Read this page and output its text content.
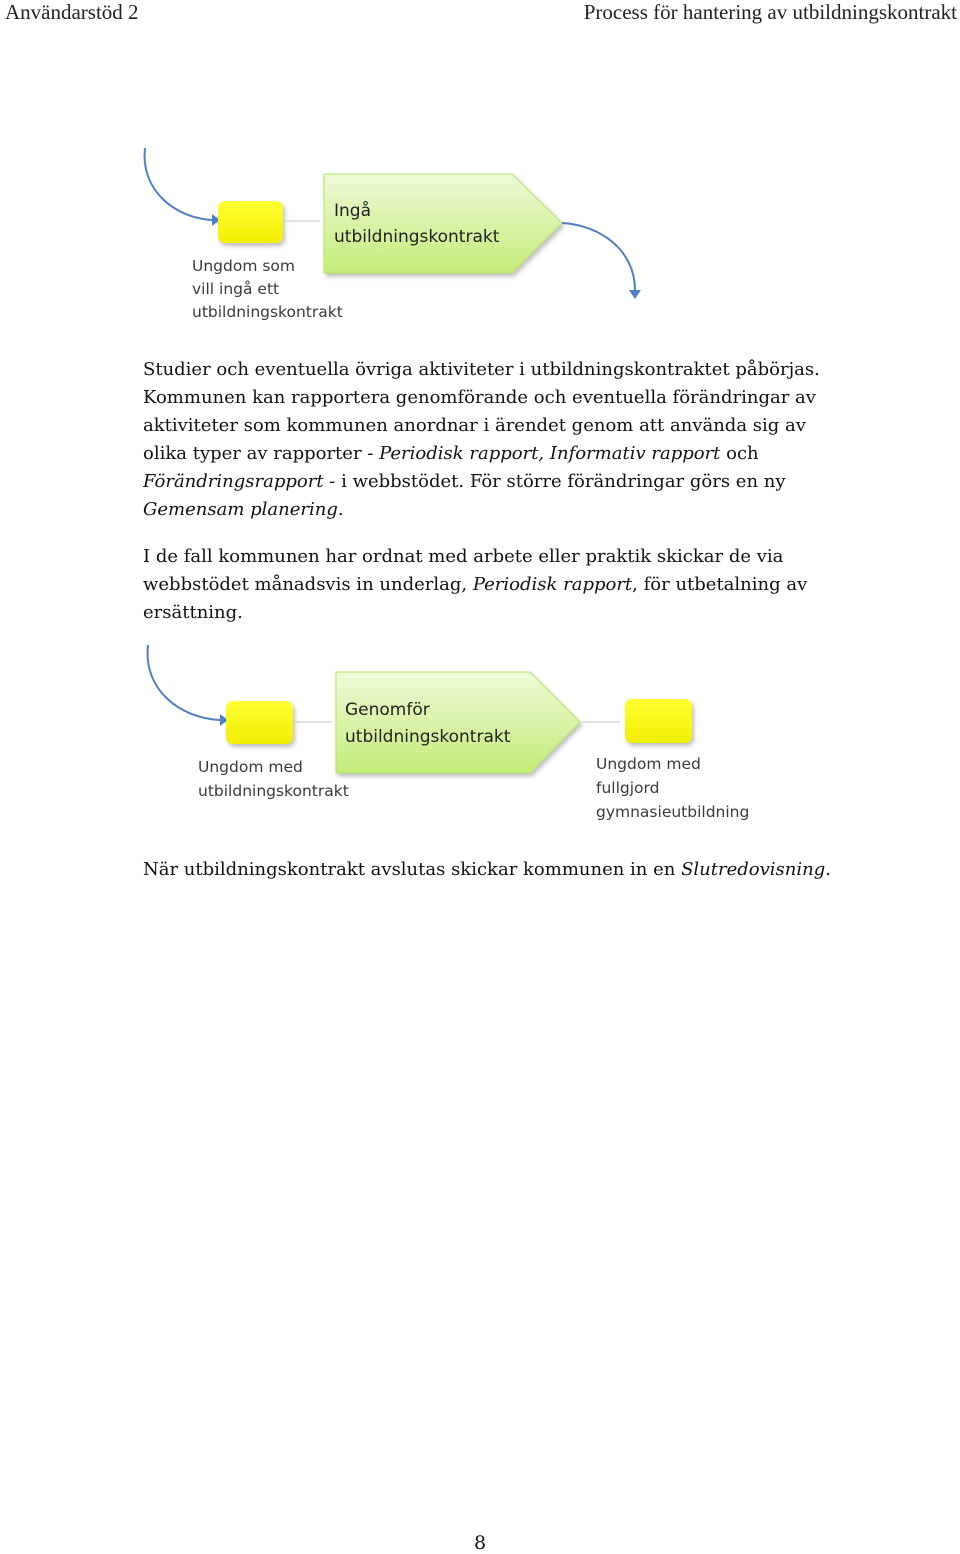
Användarstöd 2	Process för hantering av utbildningskontrakt
Ingå
utbildningskontrakt
Ungdom som
vill ingå ett
utbildningskontrakt
Studier och eventuella övriga aktiviteter i utbildningskontraktet påbörjas. Kommunen kan rapportera genomförande och eventuella förändringar av aktiviteter som kommunen anordnar i ärendet genom att använda sig av olika typer av rapporter - Periodisk rapport, Informativ rapport och Förändringsrapport - i webbstödet. För större förändringar görs en ny Gemensam planering.
I de fall kommunen har ordnat med arbete eller praktik skickar de via webbstödet månadsvis in underlag, Periodisk rapport, för utbetalning av ersättning.
Genomför
utbildningskontrakt
Ungdom med
utbildningskontrakt
Ungdom med
fullgjord
gymnasieutbildning
När utbildningskontrakt avslutas skickar kommunen in en Slutredovisning.
8
